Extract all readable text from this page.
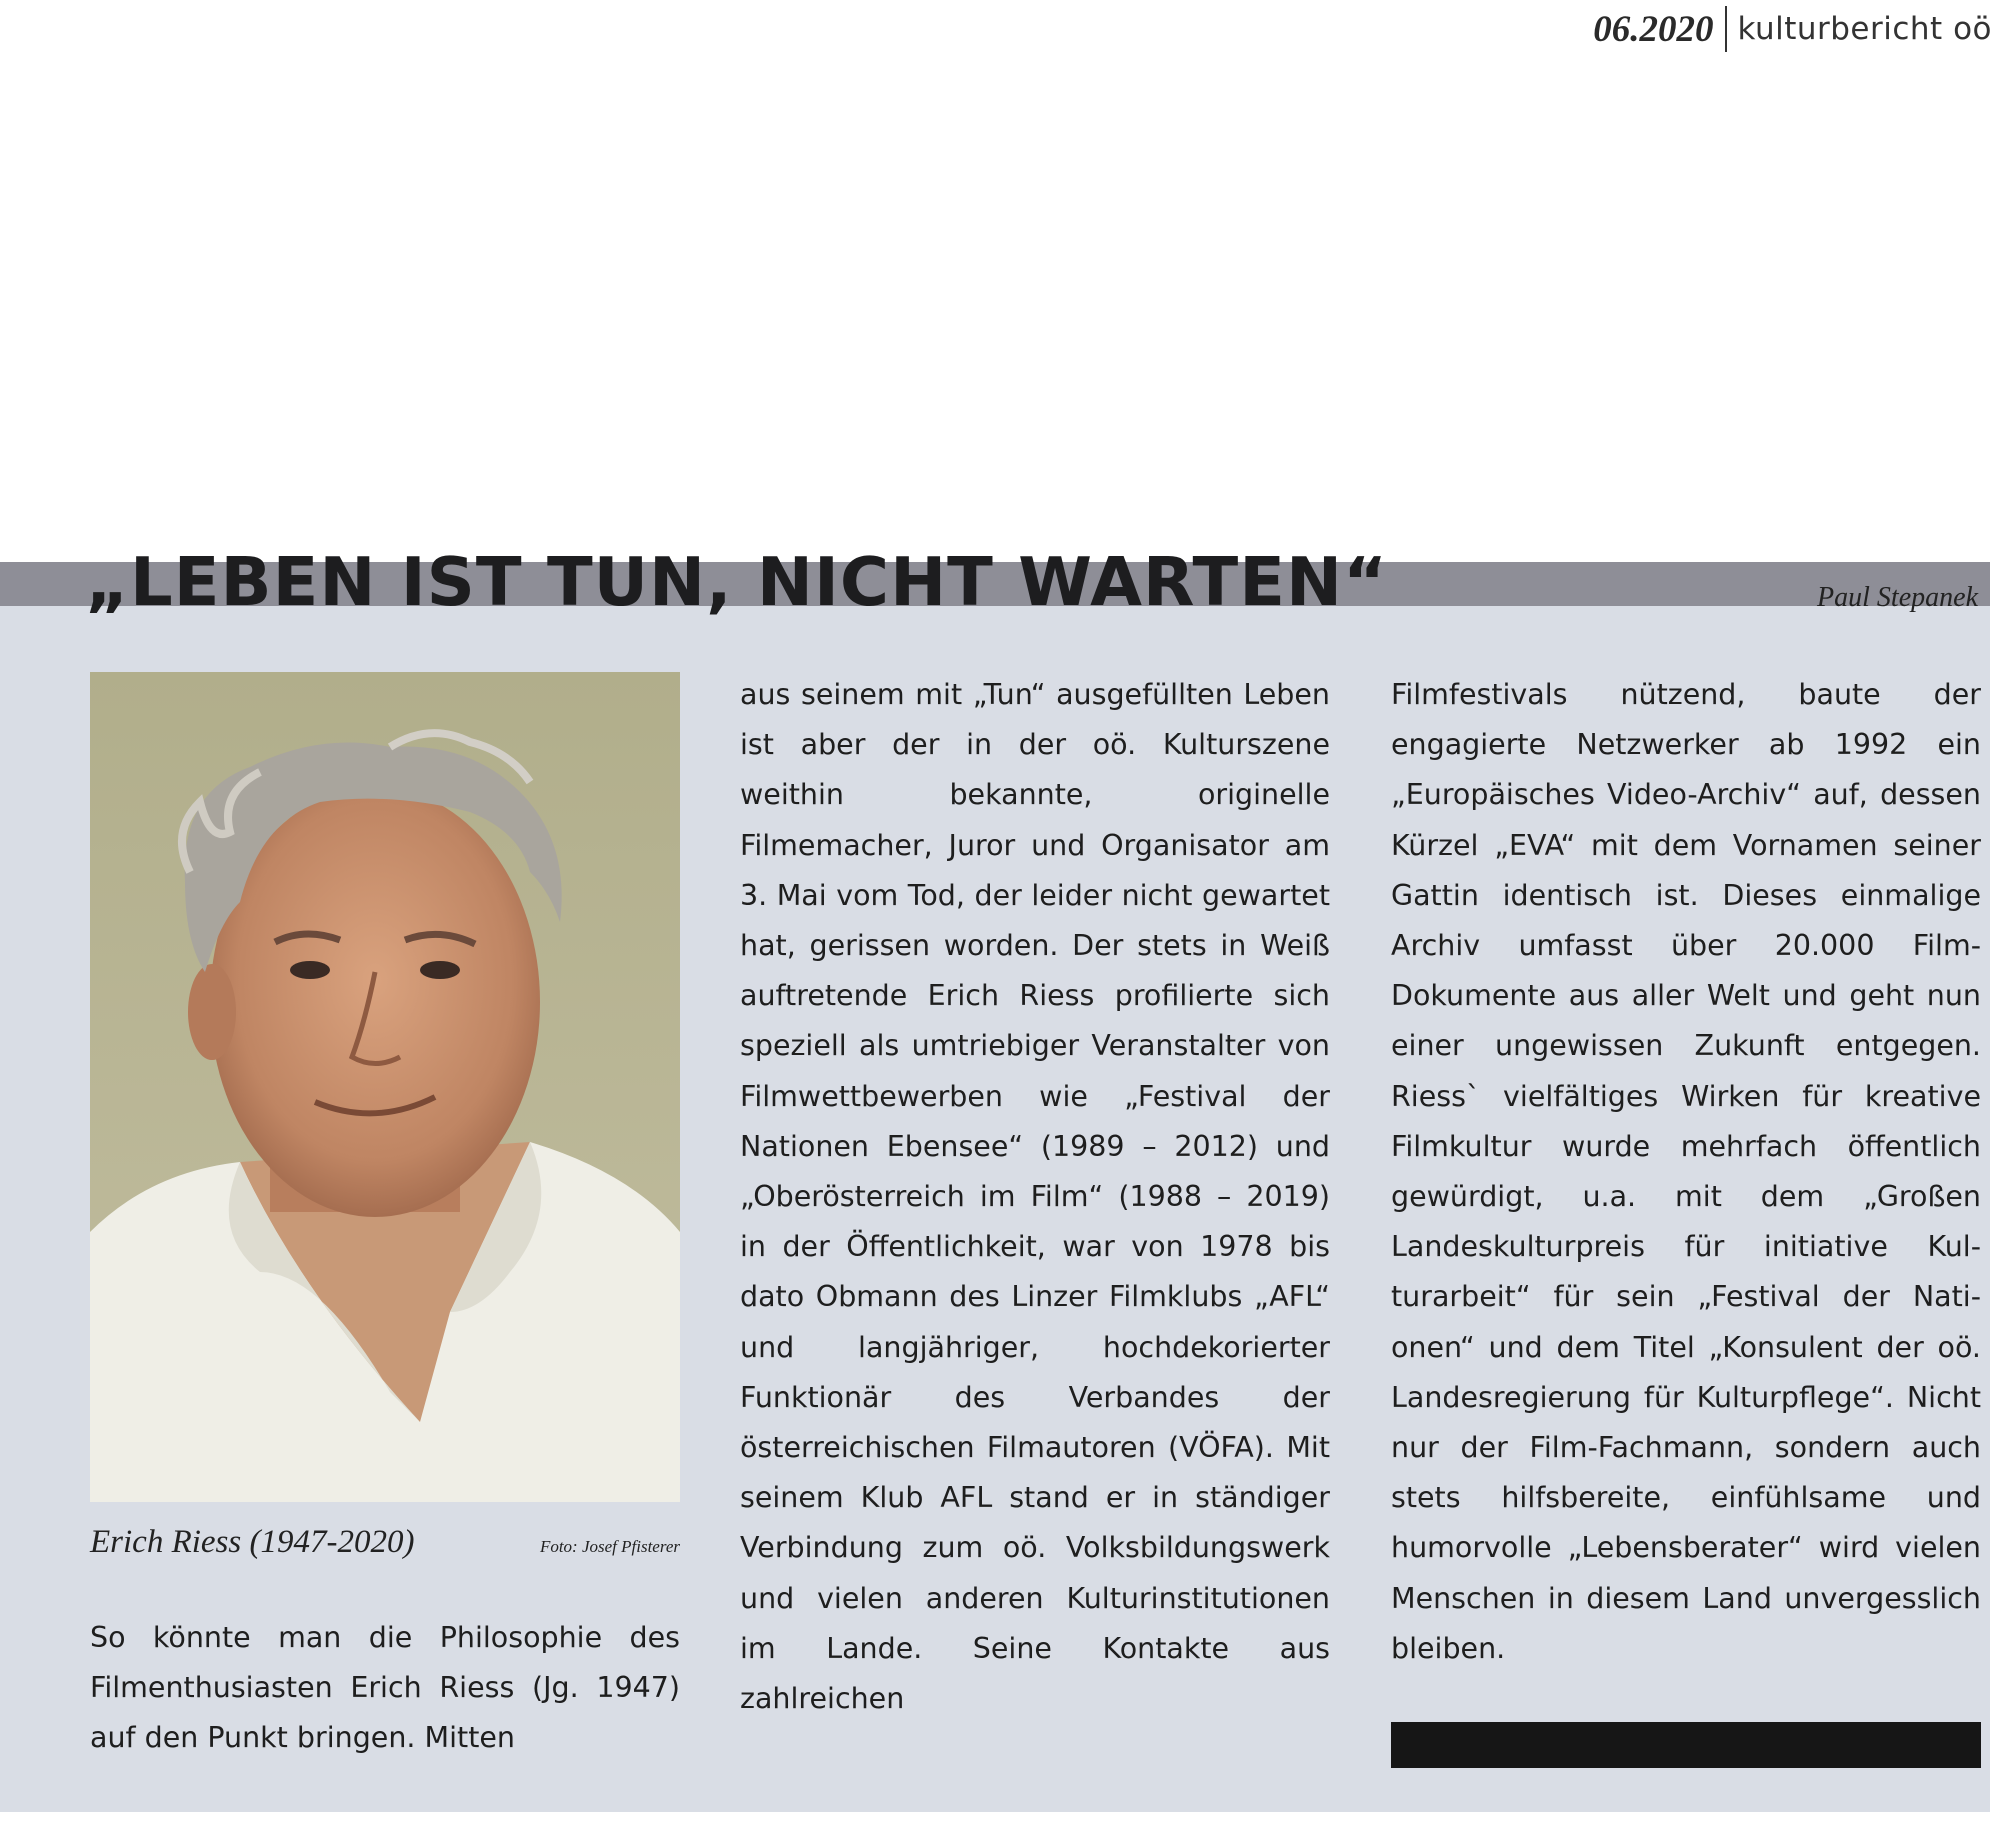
06.2020 kulturbericht oö
„LEBEN IST TUN, NICHT WARTEN“	Paul Stepanek
Erich Riess (1947-2020)	Foto: Josef Pfisterer

So könnte man die Philosophie des Filmenthusiasten Erich Riess (Jg. 1947) auf den Punkt bringen. Mitten

aus seinem mit „Tun“ ausgefüllten Leben ist aber der in der oö. Kulturszene weithin bekannte, originelle Filmemacher, Juror und Organisator am 3. Mai vom Tod, der leider nicht gewartet hat, gerissen worden. Der stets in Weiß auftretende Erich Riess profilierte sich speziell als umtriebiger Veranstalter von Filmwettbewerben wie „Festival der Nationen Ebensee“ (1989 – 2012) und „Oberösterreich im Film“ (1988 – 2019) in der Öffentlichkeit, war von 1978 bis dato Obmann des Linzer Filmklubs „AFL“ und langjähriger, hochdekorierter Funktionär des Verbandes der österreichischen Filmautoren (VÖFA). Mit seinem Klub AFL stand er in ständiger Verbindung zum oö. Volksbildungswerk und vielen anderen Kulturinstitutionen im Lande. Seine Kontakte aus zahlreichen

Filmfestivals nützend, baute der engagierte Netzwerker ab 1992 ein „Europäisches Video-Archiv“ auf, dessen Kürzel „EVA“ mit dem Vornamen seiner Gattin identisch ist. Dieses einmalige Archiv umfasst über 20.000 Film-Dokumente aus aller Welt und geht nun einer ungewissen Zukunft entgegen. Riess` vielfältiges Wirken für kreative Filmkultur wurde mehrfach öffentlich gewürdigt, u.a. mit dem „Großen Landeskulturpreis für initiative Kulturarbeit“ für sein „Festival der Nationen“ und dem Titel „Konsulent der oö. Landesregierung für Kulturpflege“. Nicht nur der Film-Fachmann, sondern auch stets hilfsbereite, einfühlsame und humorvolle „Lebensberater“ wird vielen Menschen in diesem Land unvergesslich bleiben.
